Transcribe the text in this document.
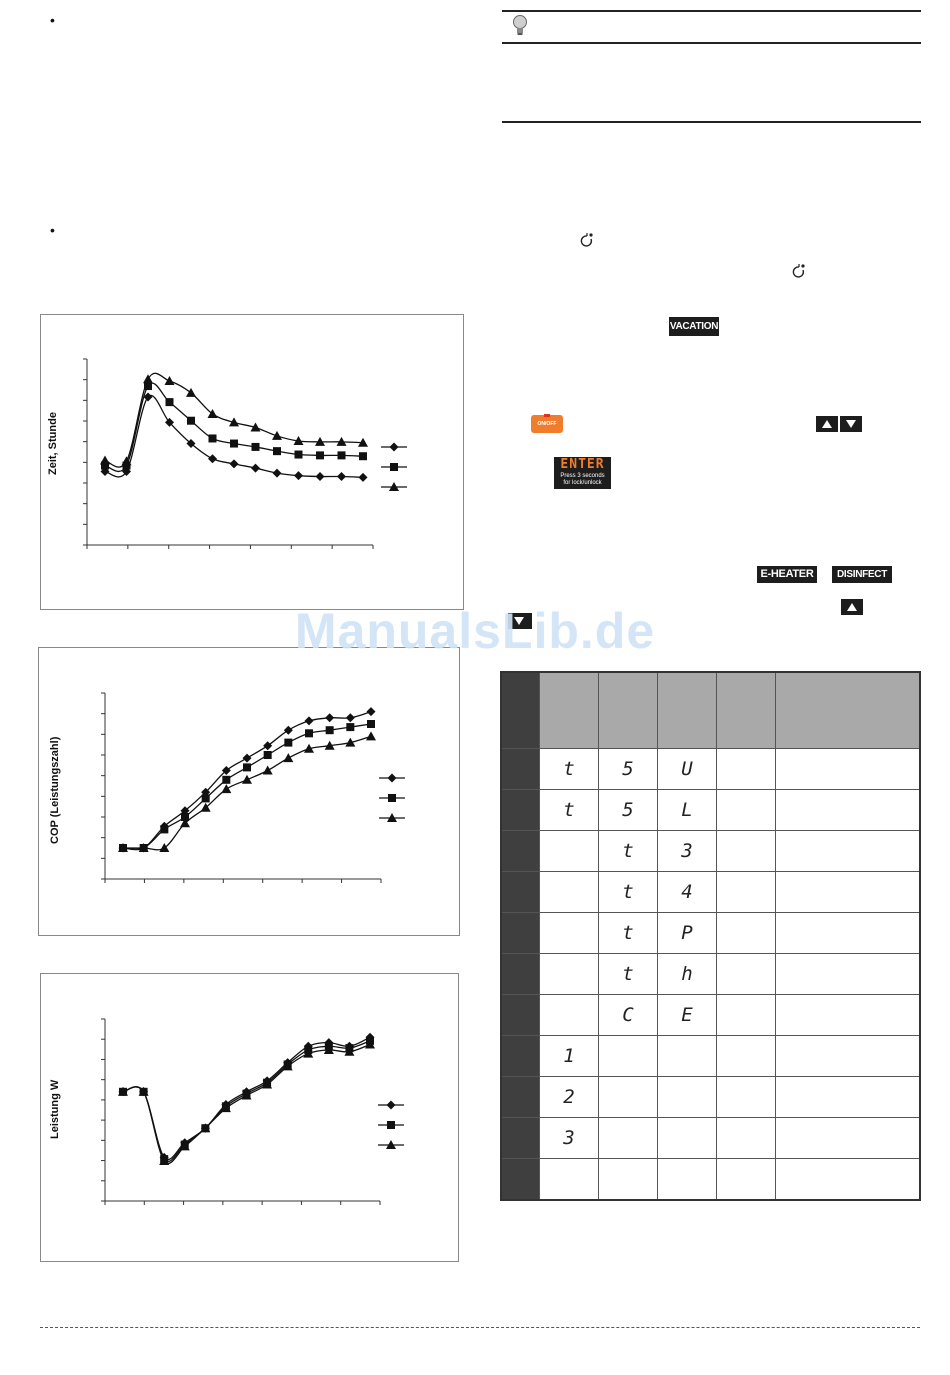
•
•
Zeit, Stunde
COP (Leistungszahl)
Leistung W
VACATION
ON/OFF
ENTER
Press 3 seconds
for lock/unlock
E-HEATER	DISINFECT
ManualsLib.de

	t	5	U		
	t	5	L		
		t	3		
		t	4		
		t	P		
		t	h		
		C	E		
	1				
	2				
	3				
